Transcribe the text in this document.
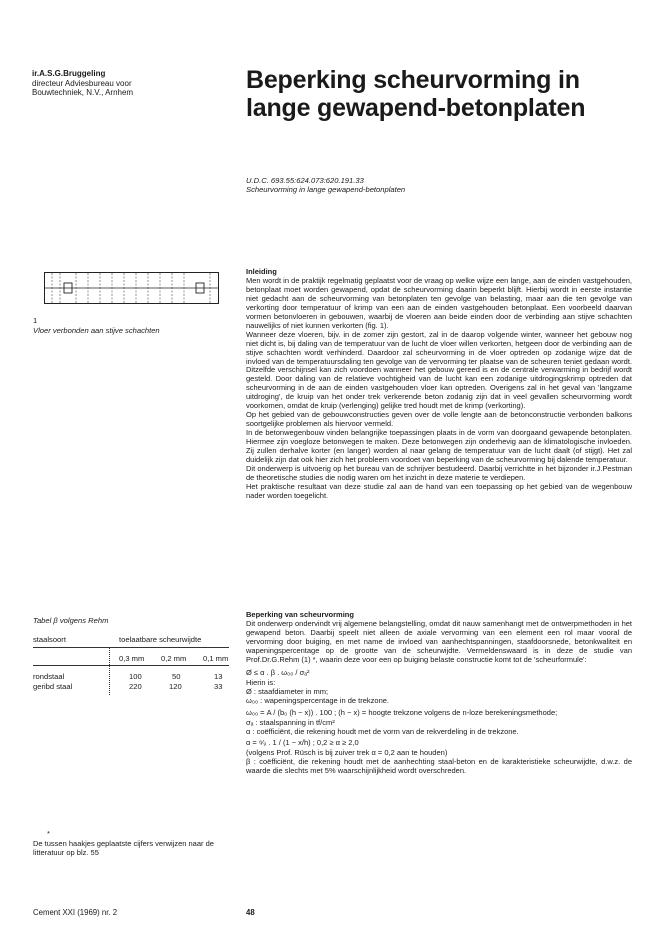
ir.A.S.G.Bruggeling
directeur Adviesbureau voor
Bouwtechniek, N.V., Arnhem	Beperking scheurvorming in
lange gewapend-betonplaten
U.D.C. 693.55:624.073:620.191.33
Scheurvorming in lange gewapend-betonplaten
1
Vloer verbonden aan stijve schachten
Inleiding

Men wordt in de praktijk regelmatig geplaatst voor de vraag op welke wijze een lange, aan de einden vastgehouden, betonplaat moet worden gewapend, opdat de scheurvorming daarin beperkt blijft. Hierbij wordt in eerste instantie niet gedacht aan de scheurvorming van betonplaten ten gevolge van belasting, maar aan die ten gevolge van verkorting door temperatuur of krimp van een aan de einden vastgehouden betonplaat. Een voorbeeld daarvan vormen betonvloeren in gebouwen, waarbij de vloeren aan beide einden door de verbinding aan stijve schachten nauwelijks of niet kunnen verkorten (fig. 1).

Wanneer deze vloeren, bijv. in de zomer zijn gestort, zal in de daarop volgende winter, wanneer het gebouw nog niet dicht is, bij daling van de temperatuur van de lucht de vloer willen verkorten, hetgeen door de verbinding aan de stijve schachten wordt verhinderd. Daardoor zal scheurvorming in de vloer optreden op zodanige wijze dat de invloed van de temperatuursdaling ten gevolge van de vervorming ter plaatse van de scheuren teniet gedaan wordt. Ditzelfde verschijnsel kan zich voordoen wanneer het gebouw gereed is en de centrale verwarming in bedrijf wordt gesteld. Door daling van de relatieve vochtigheid van de lucht kan een zodanige uitdrogingskrimp optreden dat scheurvorming in de aan de einden vastgehouden vloer kan optreden. Overigens zal in het geval van 'langzame uitdroging', de kruip van het onder trek verkerende beton zodanig zijn dat in veel gevallen scheurvorming wordt voorkomen, omdat de kruip (verlenging) gelijke tred houdt met de krimp (verkorting).

Op het gebied van de gebouwconstructies geven over de volle lengte aan de betonconstructie verbonden balkons soortgelijke problemen als hiervoor vermeld.

In de betonwegenbouw vinden belangrijke toepassingen plaats in de vorm van doorgaand gewapende betonplaten. Hiermee zijn voegloze betonwegen te maken. Deze betonwegen zijn onderhevig aan de klimatologische invloeden. Zij zullen derhalve korter (en langer) worden al naar gelang de temperatuur van de lucht daalt (of stijgt). Het zal duidelijk zijn dat ook hier zich het probleem voordoet van beperking van de scheurvorming bij dalende temperatuur.

Dit onderwerp is uitvoerig op het bureau van de schrijver bestudeerd. Daarbij verrichtte in het bijzonder ir.J.Pestman de theoretische studies die nodig waren om het inzicht in deze materie te verdiepen.

Het praktische resultaat van deze studie zal aan de hand van een toepassing op het gebied van de wegenbouw nader worden toegelicht.

Beperking van scheurvorming

Dit onderwerp ondervindt vrij algemene belangstelling, omdat dit nauw samenhangt met de ontwerpmethoden in het gewapend beton. Daarbij speelt niet alleen de axiale vervorming van een element een rol maar vooral de vervorming door buiging, en met name de invloed van aanhechtspanningen, staafdoorsnede, betonkwaliteit en wapeningspercentage op de grootte van de scheurwijdte. Vermeldenswaard is in deze de studie van Prof.Dr.G.Rehm (1) *, waarin deze voor een op buiging belaste constructie komt tot de 'scheurformule':

Ø ≤ α . β . ω₀₀ / σₐ²
Hierin is:
Ø : staafdiameter in mm;
ω₀₀ : wapeningspercentage in de trekzone.
ω₀₀ = A / (b₀ (h − x)) . 100 ; (h − x) = hoogte trekzone volgens de n-loze berekeningsmethode;
σₐ : staalspanning in tf/cm²
α : coëfficiënt, die rekening houdt met de vorm van de rekverdeling in de trekzone.
α = ⁸⁄₉ . 1 / (1 − x/h) ; 0,2 ≥ α ≥ 2,0
(volgens Prof. Rüsch is bij zuiver trek α = 0,2 aan te houden)
β : coëfficiënt, die rekening houdt met de aanhechting staal-beton en de karakteristieke scheurwijdte, d.w.z. de waarde die slechts met 5% waarschijnlijkheid wordt overschreden.
Tabel β volgens Rehm
staalsoort	toelaatbare scheurwijdte
0,3 mm 0,2 mm 0,1 mm
rondstaal	100	50	13
geribd staal	220	120	33
*
De tussen haakjes geplaatste cijfers verwijzen naar de litteratuur op blz. 55
Cement XXI (1969) nr. 2	48
